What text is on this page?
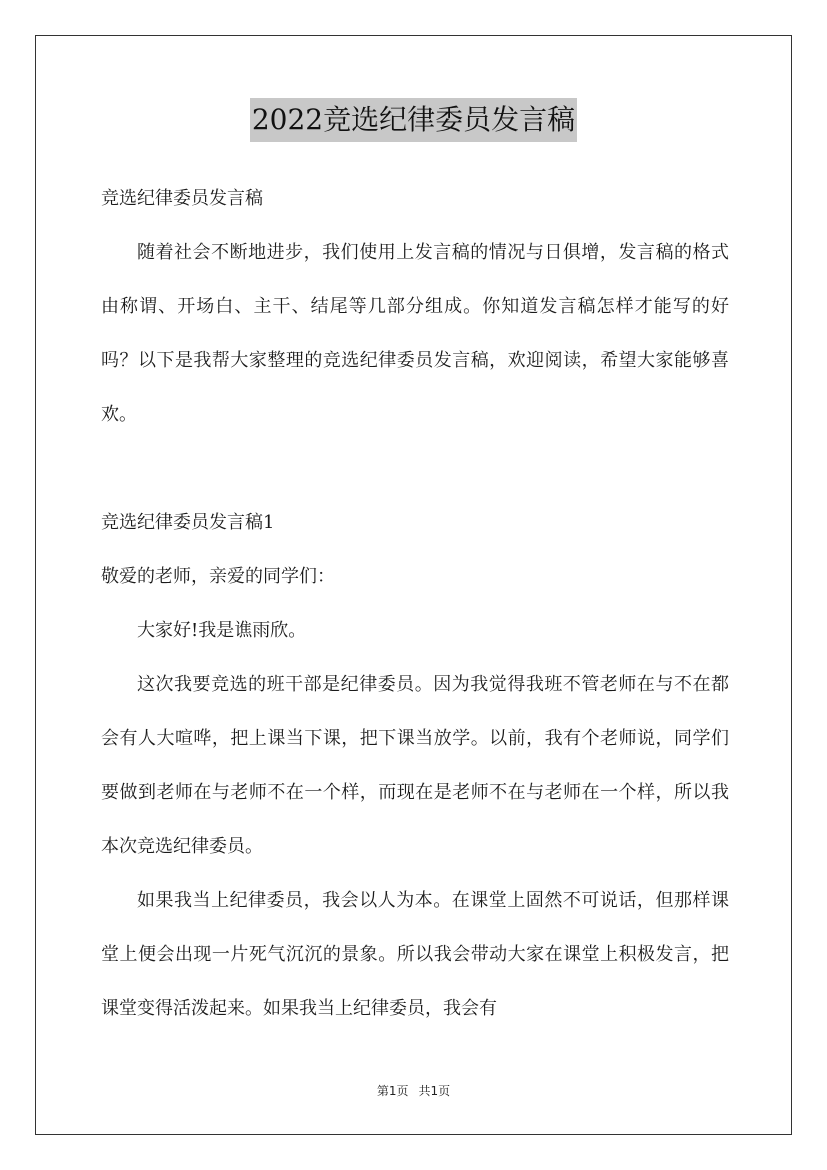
2022竞选纪律委员发言稿

竞选纪律委员发言稿

随着社会不断地进步，我们使用上发言稿的情况与日俱增，发言稿的格式由称谓、开场白、主干、结尾等几部分组成。你知道发言稿怎样才能写的好吗？以下是我帮大家整理的竞选纪律委员发言稿，欢迎阅读，希望大家能够喜欢。

竞选纪律委员发言稿1

敬爱的老师，亲爱的同学们：

大家好!我是谯雨欣。

这次我要竞选的班干部是纪律委员。因为我觉得我班不管老师在与不在都会有人大喧哗，把上课当下课，把下课当放学。以前，我有个老师说，同学们要做到老师在与老师不在一个样，而现在是老师不在与老师在一个样，所以我本次竞选纪律委员。

如果我当上纪律委员，我会以人为本。在课堂上固然不可说话，但那样课堂上便会出现一片死气沉沉的景象。所以我会带动大家在课堂上积极发言，把课堂变得活泼起来。如果我当上纪律委员，我会有

第1页 共1页
